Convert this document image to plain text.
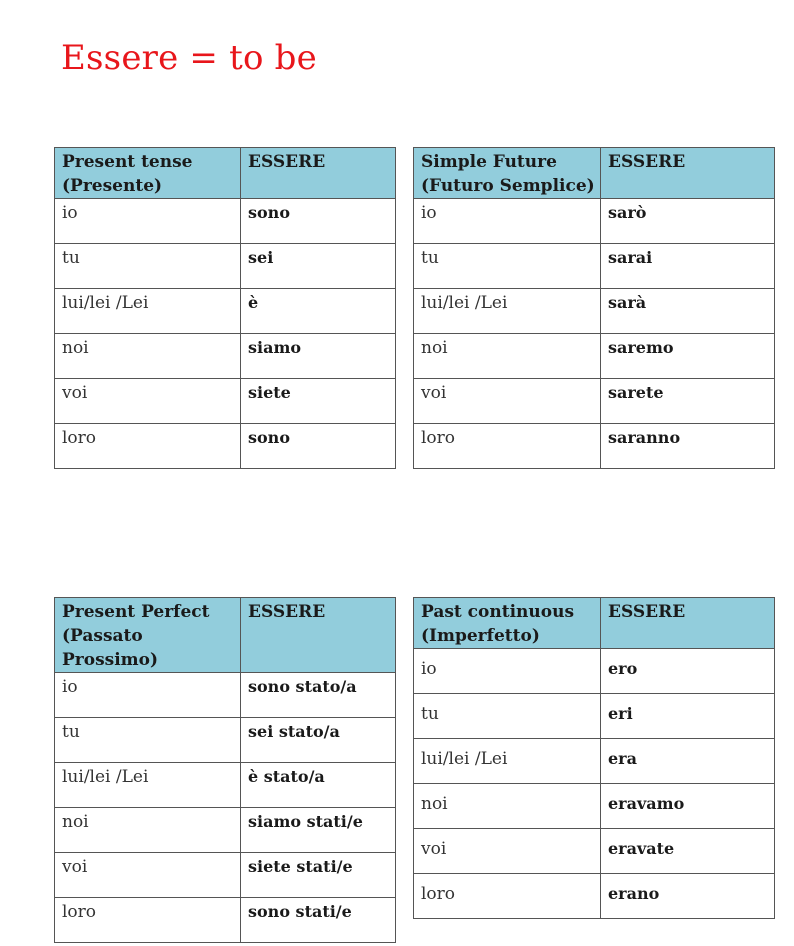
Essere = to be
Present tense
(Presente)	ESSERE

io	sono

tu	sei

lui/lei /Lei	è

noi	siamo

voi	siete

loro	sono
Simple Future
(Futuro Semplice)	ESSERE

io	sarò

tu	sarai

lui/lei /Lei	sarà

noi	saremo

voi	sarete

loro	saranno
Present Perfect
(Passato Prossimo)	ESSERE

io	sono stato/a

tu	sei stato/a

lui/lei /Lei	è stato/a

noi	siamo stati/e

voi	siete stati/e

loro	sono stati/e
Past continuous
(Imperfetto)	ESSERE

io	ero

tu	eri

lui/lei /Lei	era

noi	eravamo

voi	eravate

loro	erano
